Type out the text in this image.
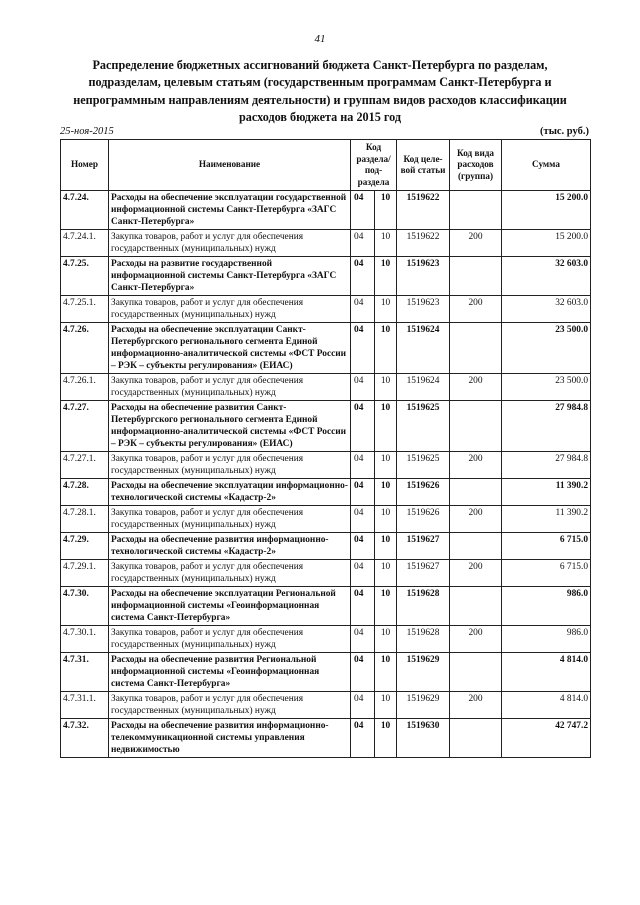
41
Распределение бюджетных ассигнований бюджета Санкт-Петербурга по разделам, подразделам, целевым статьям (государственным программам Санкт-Петербурга и непрограммным направлениям деятельности) и группам видов расходов классификации расходов бюджета на 2015 год
25-ноя-2015	(тыс. руб.)
Номер	Наименование	Код раздела/ под- раздела		Код целе- вой статьи	Код вида расходов (группа)	Сумма
4.7.24.	Расходы на обеспечение эксплуатации государственной информационной системы Санкт-Петербурга «ЗАГС Санкт-Петербурга»	04	10	1519622		15 200.0
4.7.24.1.	Закупка товаров, работ и услуг для обеспечения государственных (муниципальных) нужд	04	10	1519622	200	15 200.0
4.7.25.	Расходы на развитие государственной информационной системы Санкт-Петербурга «ЗАГС Санкт-Петербурга»	04	10	1519623		32 603.0
4.7.25.1.	Закупка товаров, работ и услуг для обеспечения государственных (муниципальных) нужд	04	10	1519623	200	32 603.0
4.7.26.	Расходы на обеспечение эксплуатации Санкт-Петербургского регионального сегмента Единой информационно-аналитической системы «ФСТ России – РЭК – субъекты регулирования» (ЕИАС)	04	10	1519624		23 500.0
4.7.26.1.	Закупка товаров, работ и услуг для обеспечения государственных (муниципальных) нужд	04	10	1519624	200	23 500.0
4.7.27.	Расходы на обеспечение развития Санкт-Петербургского регионального сегмента Единой информационно-аналитической системы «ФСТ России – РЭК – субъекты регулирования» (ЕИАС)	04	10	1519625		27 984.8
4.7.27.1.	Закупка товаров, работ и услуг для обеспечения государственных (муниципальных) нужд	04	10	1519625	200	27 984.8
4.7.28.	Расходы на обеспечение эксплуатации информационно-технологической системы «Кадастр-2»	04	10	1519626		11 390.2
4.7.28.1.	Закупка товаров, работ и услуг для обеспечения государственных (муниципальных) нужд	04	10	1519626	200	11 390.2
4.7.29.	Расходы на обеспечение развития информационно-технологической системы «Кадастр-2»	04	10	1519627		6 715.0
4.7.29.1.	Закупка товаров, работ и услуг для обеспечения государственных (муниципальных) нужд	04	10	1519627	200	6 715.0
4.7.30.	Расходы на обеспечение эксплуатации Региональной информационной системы «Геоинформационная система Санкт-Петербурга»	04	10	1519628		986.0
4.7.30.1.	Закупка товаров, работ и услуг для обеспечения государственных (муниципальных) нужд	04	10	1519628	200	986.0
4.7.31.	Расходы на обеспечение развития Региональной информационной системы «Геоинформационная система Санкт-Петербурга»	04	10	1519629		4 814.0
4.7.31.1.	Закупка товаров, работ и услуг для обеспечения государственных (муниципальных) нужд	04	10	1519629	200	4 814.0
4.7.32.	Расходы на обеспечение развития информационно-телекоммуникационной системы управления недвижимостью	04	10	1519630		42 747.2
